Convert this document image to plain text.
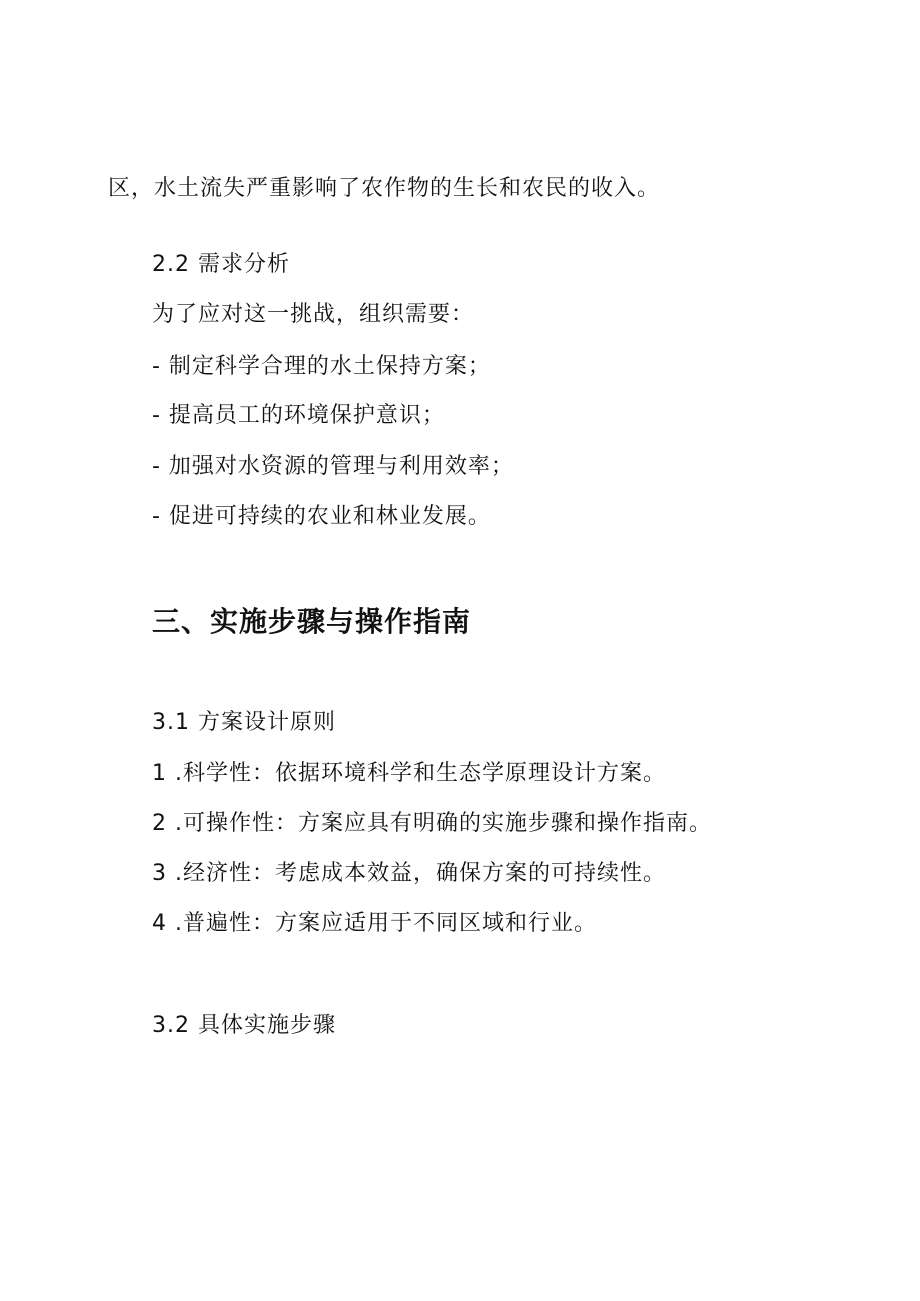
区，水土流失严重影响了农作物的生长和农民的收入。
2.2 需求分析
为了应对这一挑战，组织需要：
- 制定科学合理的水土保持方案；
- 提高员工的环境保护意识；
- 加强对水资源的管理与利用效率；
- 促进可持续的农业和林业发展。
三、实施步骤与操作指南
3.1 方案设计原则
1 .科学性：依据环境科学和生态学原理设计方案。
2 .可操作性：方案应具有明确的实施步骤和操作指南。
3 .经济性：考虑成本效益，确保方案的可持续性。
4 .普遍性：方案应适用于不同区域和行业。
3.2 具体实施步骤
